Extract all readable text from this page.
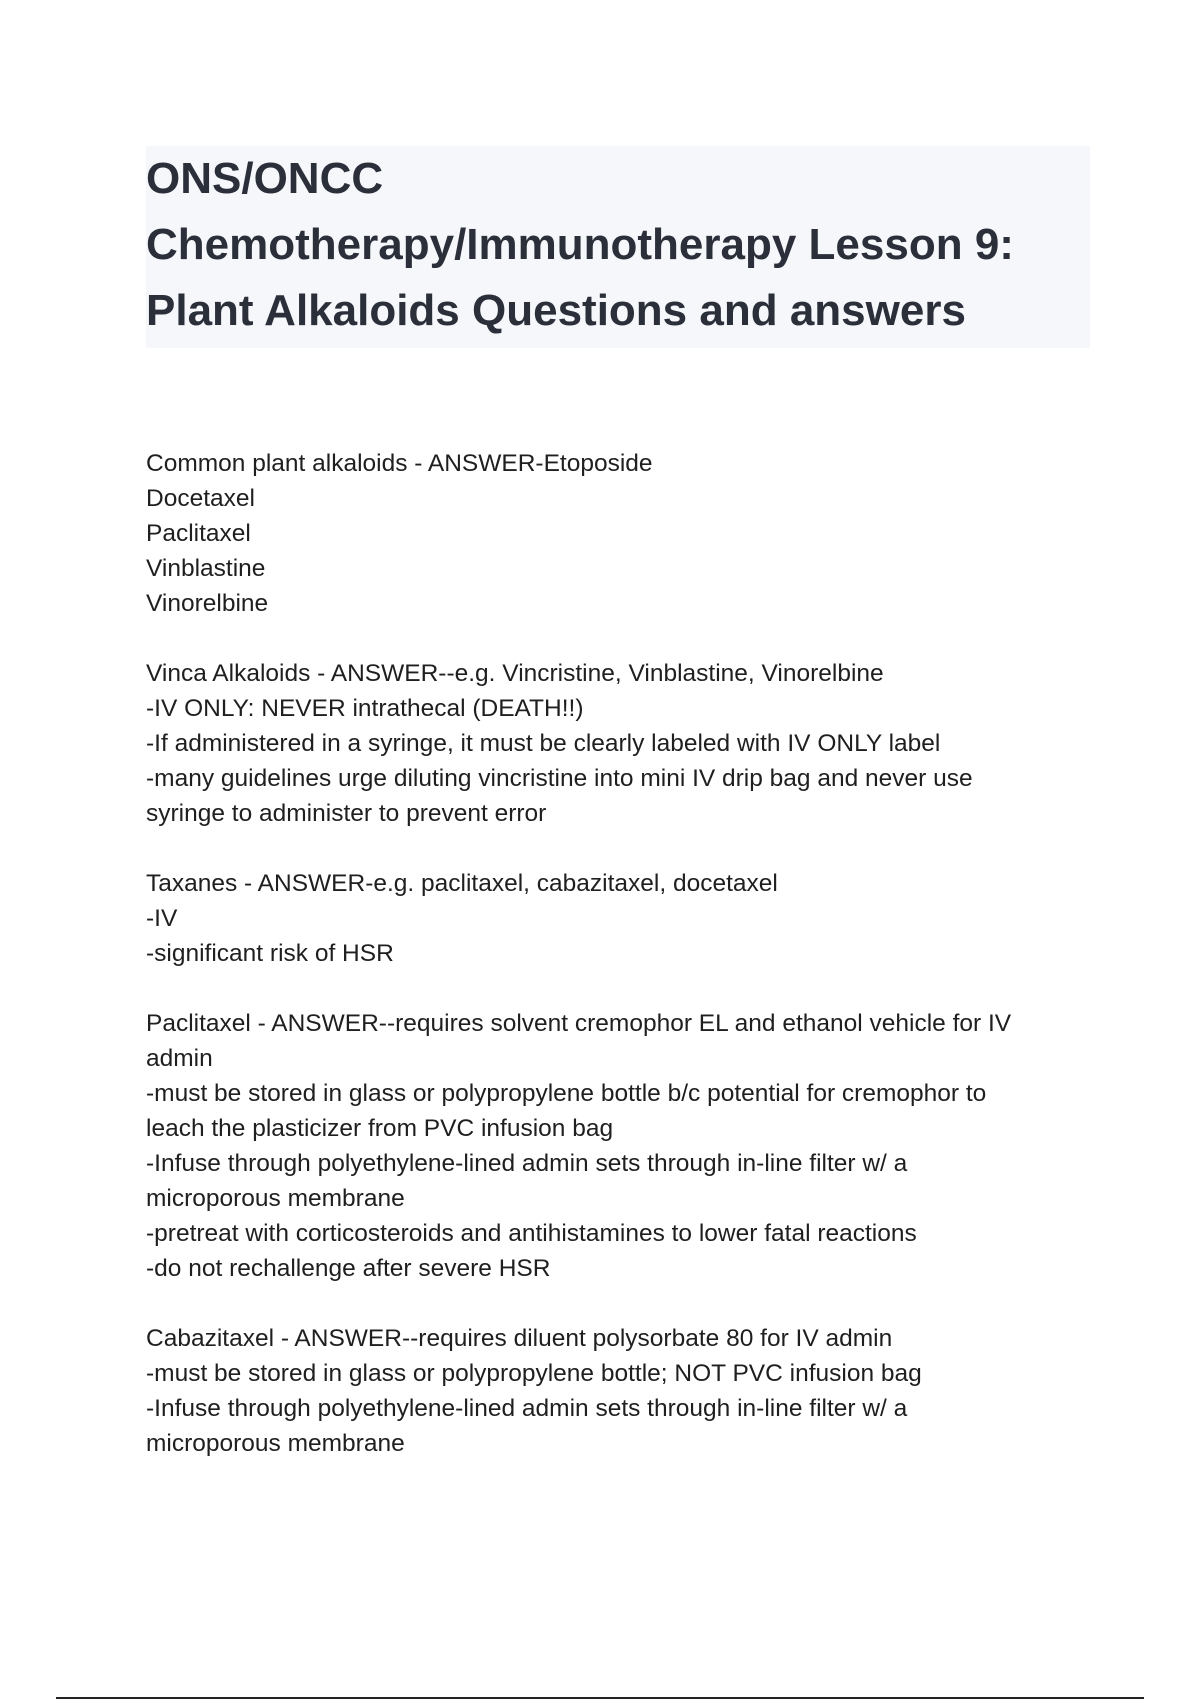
ONS/ONCC
Chemotherapy/Immunotherapy Lesson 9:
Plant Alkaloids Questions and answers
Common plant alkaloids - ANSWER-Etoposide
Docetaxel
Paclitaxel
Vinblastine
Vinorelbine
Vinca Alkaloids - ANSWER--e.g. Vincristine, Vinblastine, Vinorelbine
-IV ONLY: NEVER intrathecal (DEATH!!)
-If administered in a syringe, it must be clearly labeled with IV ONLY label
-many guidelines urge diluting vincristine into mini IV drip bag and never use
syringe to administer to prevent error
Taxanes - ANSWER-e.g. paclitaxel, cabazitaxel, docetaxel
-IV
-significant risk of HSR
Paclitaxel - ANSWER--requires solvent cremophor EL and ethanol vehicle for IV
admin
-must be stored in glass or polypropylene bottle b/c potential for cremophor to
leach the plasticizer from PVC infusion bag
-Infuse through polyethylene-lined admin sets through in-line filter w/ a
microporous membrane
-pretreat with corticosteroids and antihistamines to lower fatal reactions
-do not rechallenge after severe HSR
Cabazitaxel - ANSWER--requires diluent polysorbate 80 for IV admin
-must be stored in glass or polypropylene bottle; NOT PVC infusion bag
-Infuse through polyethylene-lined admin sets through in-line filter w/ a
microporous membrane
